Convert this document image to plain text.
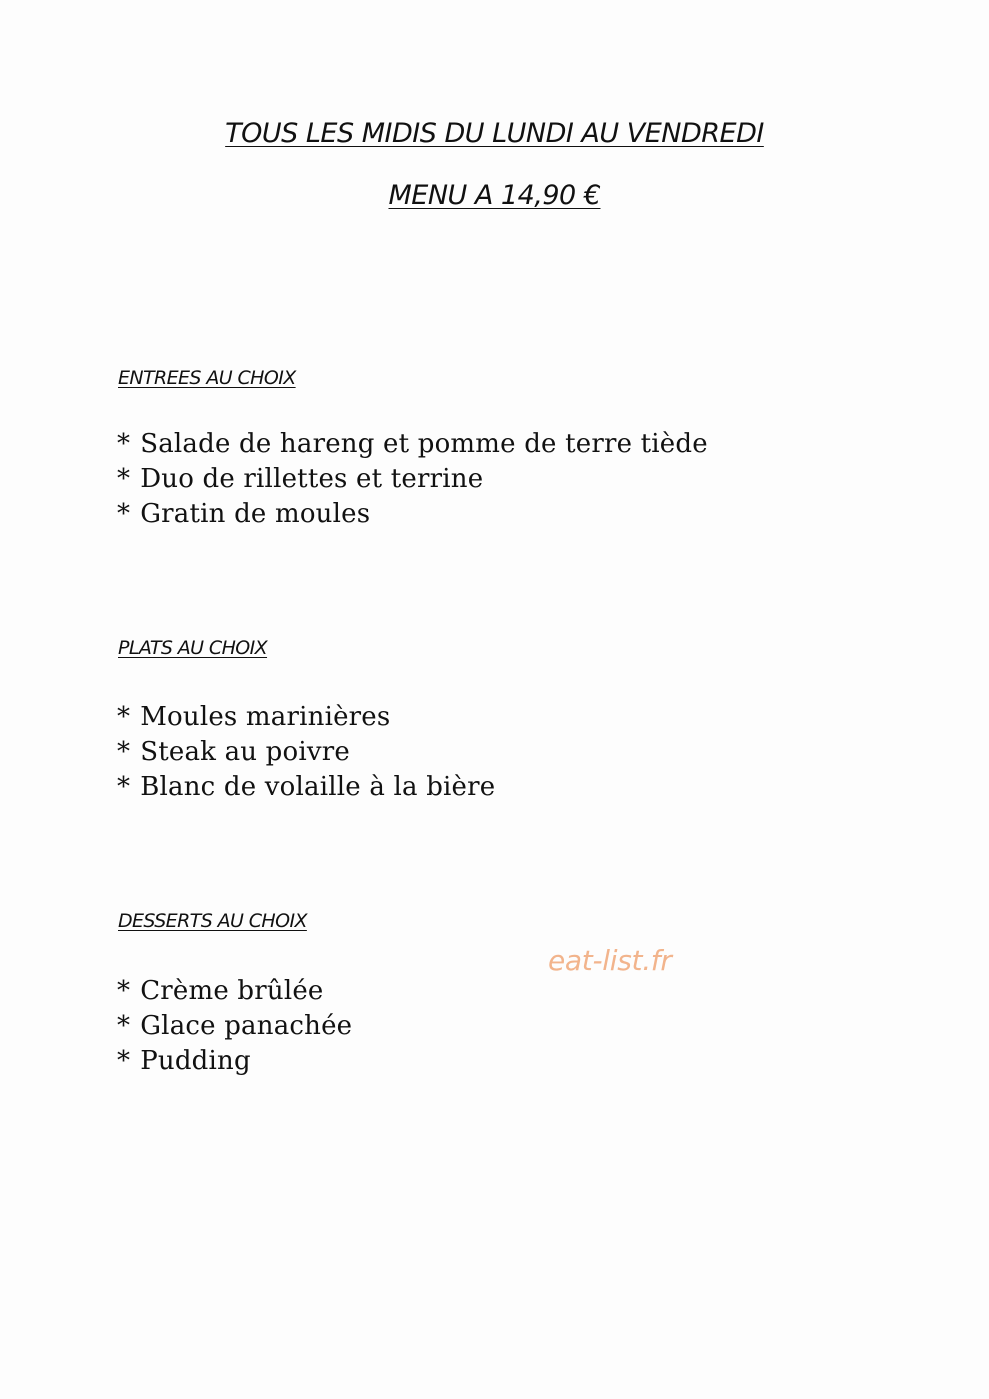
TOUS LES MIDIS DU LUNDI AU VENDREDI
MENU A 14,90 €
ENTREES AU CHOIX
* Salade de hareng et pomme de terre tiède
* Duo de rillettes et terrine
* Gratin de moules
PLATS AU CHOIX
* Moules marinières
* Steak au poivre
* Blanc de volaille à la bière
DESSERTS AU CHOIX
* Crème brûlée
* Glace panachée
* Pudding
eat-list.fr
